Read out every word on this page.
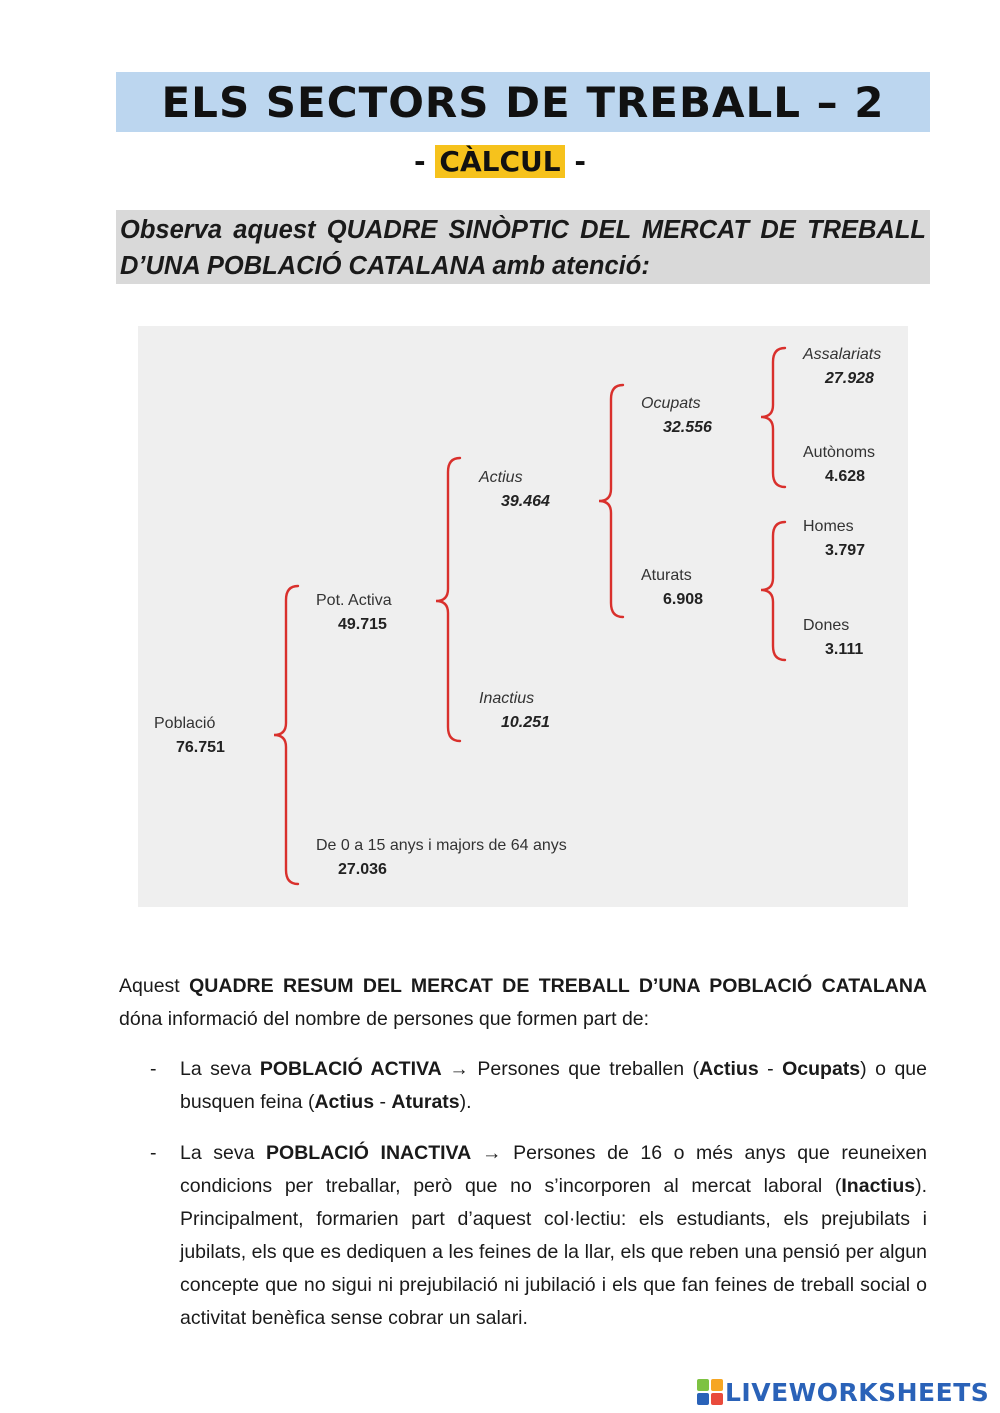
ELS SECTORS DE TREBALL – 2
- CÀLCUL -
Observa aquest QUADRE SINÒPTIC DEL MERCAT DE TREBALL D’UNA POBLACIÓ CATALANA amb atenció:
Població
76.751
Pot. Activa
49.715
De 0 a 15 anys i majors de 64 anys
27.036
Actius
39.464
Inactius
10.251
Ocupats
32.556
Aturats
6.908
Assalariats
27.928
Autònoms
4.628
Homes
3.797
Dones
3.111

Aquest QUADRE RESUM DEL MERCAT DE TREBALL D’UNA POBLACIÓ CATALANA dóna informació del nombre de persones que formen part de:

- La seva POBLACIÓ ACTIVA → Persones que treballen (Actius - Ocupats) o que busquen feina (Actius - Aturats).
- La seva POBLACIÓ INACTIVA → Persones de 16 o més anys que reuneixen condicions per treballar, però que no s’incorporen al mercat laboral (Inactius). Principalment, formarien part d’aquest col·lectiu: els estudiants, els prejubilats i jubilats, els que es dediquen a les feines de la llar, els que reben una pensió per algun concepte que no sigui ni prejubilació ni jubilació i els que fan feines de treball social o activitat benèfica sense cobrar un salari.
LIVEWORKSHEETS
